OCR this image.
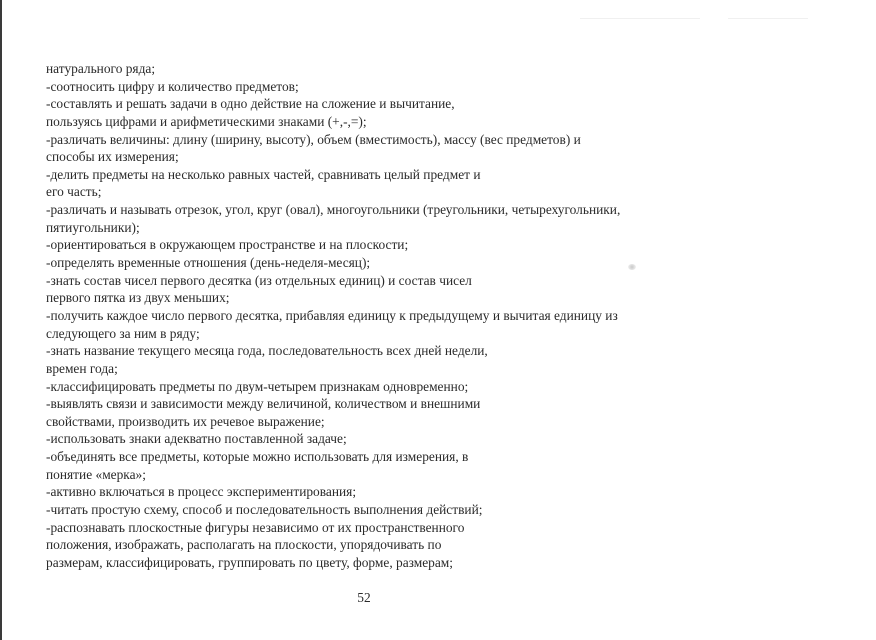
натурального ряда;
-соотносить цифру и количество предметов;
-составлять и решать задачи в одно действие на сложение и вычитание,
пользуясь цифрами и арифметическими знаками (+,-,=);
-различать величины: длину (ширину, высоту), объем (вместимость), массу (вес предметов) и
способы их измерения;
-делить предметы на несколько равных частей, сравнивать целый предмет и
его часть;
-различать и называть отрезок, угол, круг (овал), многоугольники (треугольники, четырехугольники,
пятиугольники);
-ориентироваться в окружающем пространстве и на плоскости;
-определять временные отношения (день-неделя-месяц);
-знать состав чисел первого десятка (из отдельных единиц) и состав чисел
первого пятка из двух меньших;
-получить каждое число первого десятка, прибавляя единицу к предыдущему и вычитая единицу из
следующего за ним в ряду;
-знать название текущего месяца года, последовательность всех дней недели,
времен года;
-классифицировать предметы по двум-четырем признакам одновременно;
-выявлять связи и зависимости между величиной, количеством и внешними
свойствами, производить их речевое выражение;
-использовать знаки адекватно поставленной задаче;
-объединять все предметы, которые можно использовать для измерения, в
понятие «мерка»;
-активно включаться в процесс экспериментирования;
-читать простую схему, способ и последовательность выполнения действий;
-распознавать плоскостные фигуры независимо от их пространственного
положения, изображать, располагать на плоскости, упорядочивать по
размерам, классифицировать, группировать по цвету, форме, размерам;
52
